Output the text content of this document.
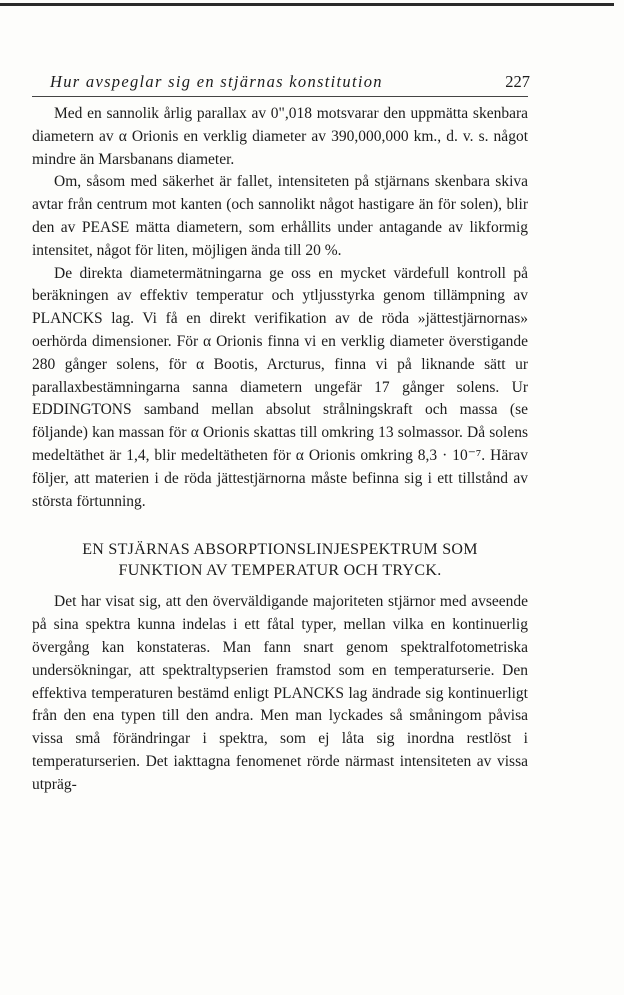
Hur avspeglar sig en stjärnas konstitution	227

Med en sannolik årlig parallax av 0",018 motsvarar den uppmätta skenbara diametern av α Orionis en verklig diameter av 390,000,000 km., d. v. s. något mindre än Marsbanans diameter.

Om, såsom med säkerhet är fallet, intensiteten på stjärnans skenbara skiva avtar från centrum mot kanten (och sannolikt något hastigare än för solen), blir den av PEASE mätta diametern, som erhållits under antagande av likformig intensitet, något för liten, möjligen ända till 20 %.

De direkta diametermätningarna ge oss en mycket värdefull kontroll på beräkningen av effektiv temperatur och ytljusstyrka genom tillämpning av PLANCKS lag. Vi få en direkt verifikation av de röda »jättestjärnornas» oerhörda dimensioner. För α Orionis finna vi en verklig diameter överstigande 280 gånger solens, för α Bootis, Arcturus, finna vi på liknande sätt ur parallaxbestämningarna sanna diametern ungefär 17 gånger solens. Ur EDDINGTONS samband mellan absolut strålningskraft och massa (se följande) kan massan för α Orionis skattas till omkring 13 solmassor. Då solens medeltäthet är 1,4, blir medeltätheten för α Orionis omkring 8,3 · 10⁻⁷. Härav följer, att materien i de röda jättestjärnorna måste befinna sig i ett tillstånd av största förtunning.

EN STJÄRNAS ABSORPTIONSLINJESPEKTRUM SOM
FUNKTION AV TEMPERATUR OCH TRYCK.

Det har visat sig, att den överväldigande majoriteten stjärnor med avseende på sina spektra kunna indelas i ett fåtal typer, mellan vilka en kontinuerlig övergång kan konstateras. Man fann snart genom spektralfotometriska undersökningar, att spektraltypserien framstod som en temperaturserie. Den effektiva temperaturen bestämd enligt PLANCKS lag ändrade sig kontinuerligt från den ena typen till den andra. Men man lyckades så småningom påvisa vissa små förändringar i spektra, som ej låta sig inordna restlöst i temperaturserien. Det iakttagna fenomenet rörde närmast intensiteten av vissa utpräg-
